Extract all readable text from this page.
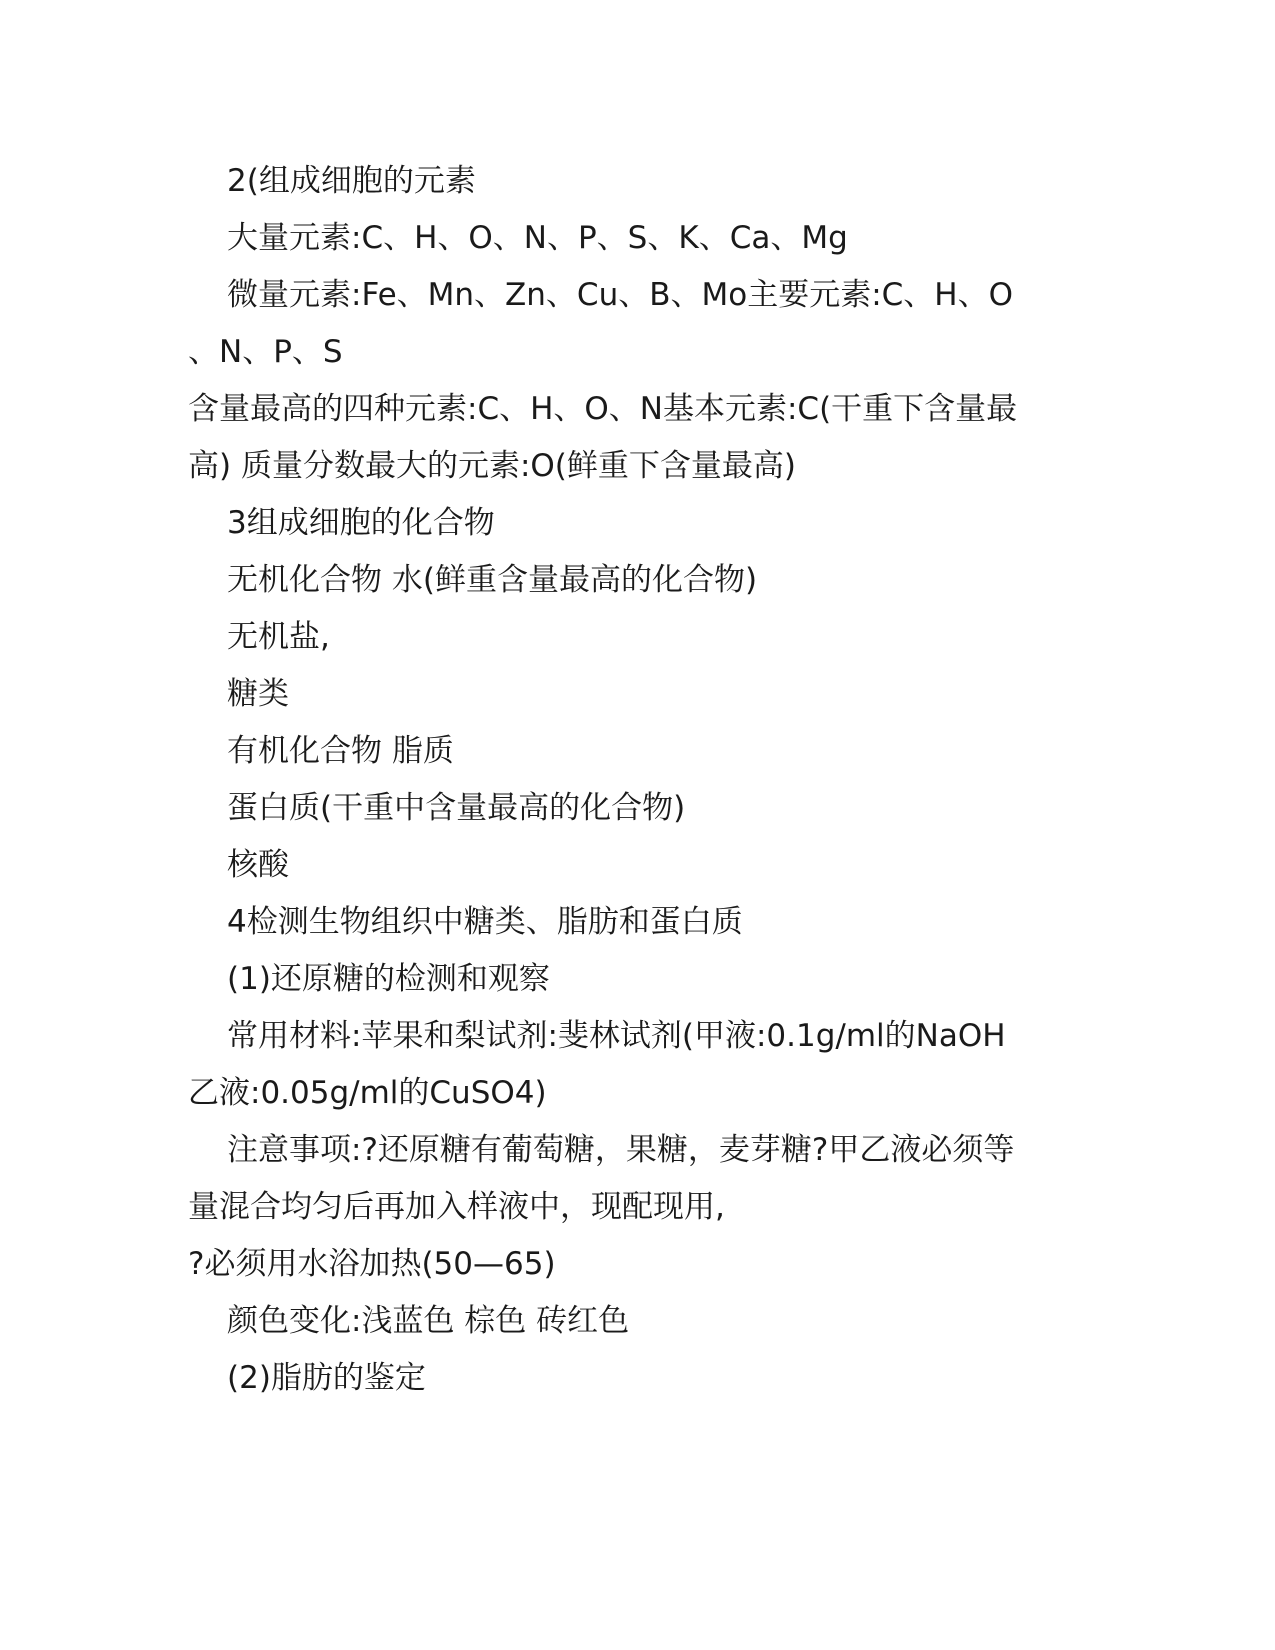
2(组成细胞的元素
大量元素:C、H、O、N、P、S、K、Ca、Mg
微量元素:Fe、Mn、Zn、Cu、B、Mo主要元素:C、H、O
、N、P、S
含量最高的四种元素:C、H、O、N基本元素:C(干重下含量最
高) 质量分数最大的元素:O(鲜重下含量最高)
3组成细胞的化合物
无机化合物 水(鲜重含量最高的化合物)
无机盐,
糖类
有机化合物 脂质
蛋白质(干重中含量最高的化合物)
核酸
4检测生物组织中糖类、脂肪和蛋白质
(1)还原糖的检测和观察
常用材料:苹果和梨试剂:斐林试剂(甲液:0.1g/ml的NaOH
乙液:0.05g/ml的CuSO4)
注意事项:?还原糖有葡萄糖，果糖，麦芽糖?甲乙液必须等
量混合均匀后再加入样液中，现配现用,
?必须用水浴加热(50—65)
颜色变化:浅蓝色 棕色 砖红色
(2)脂肪的鉴定
